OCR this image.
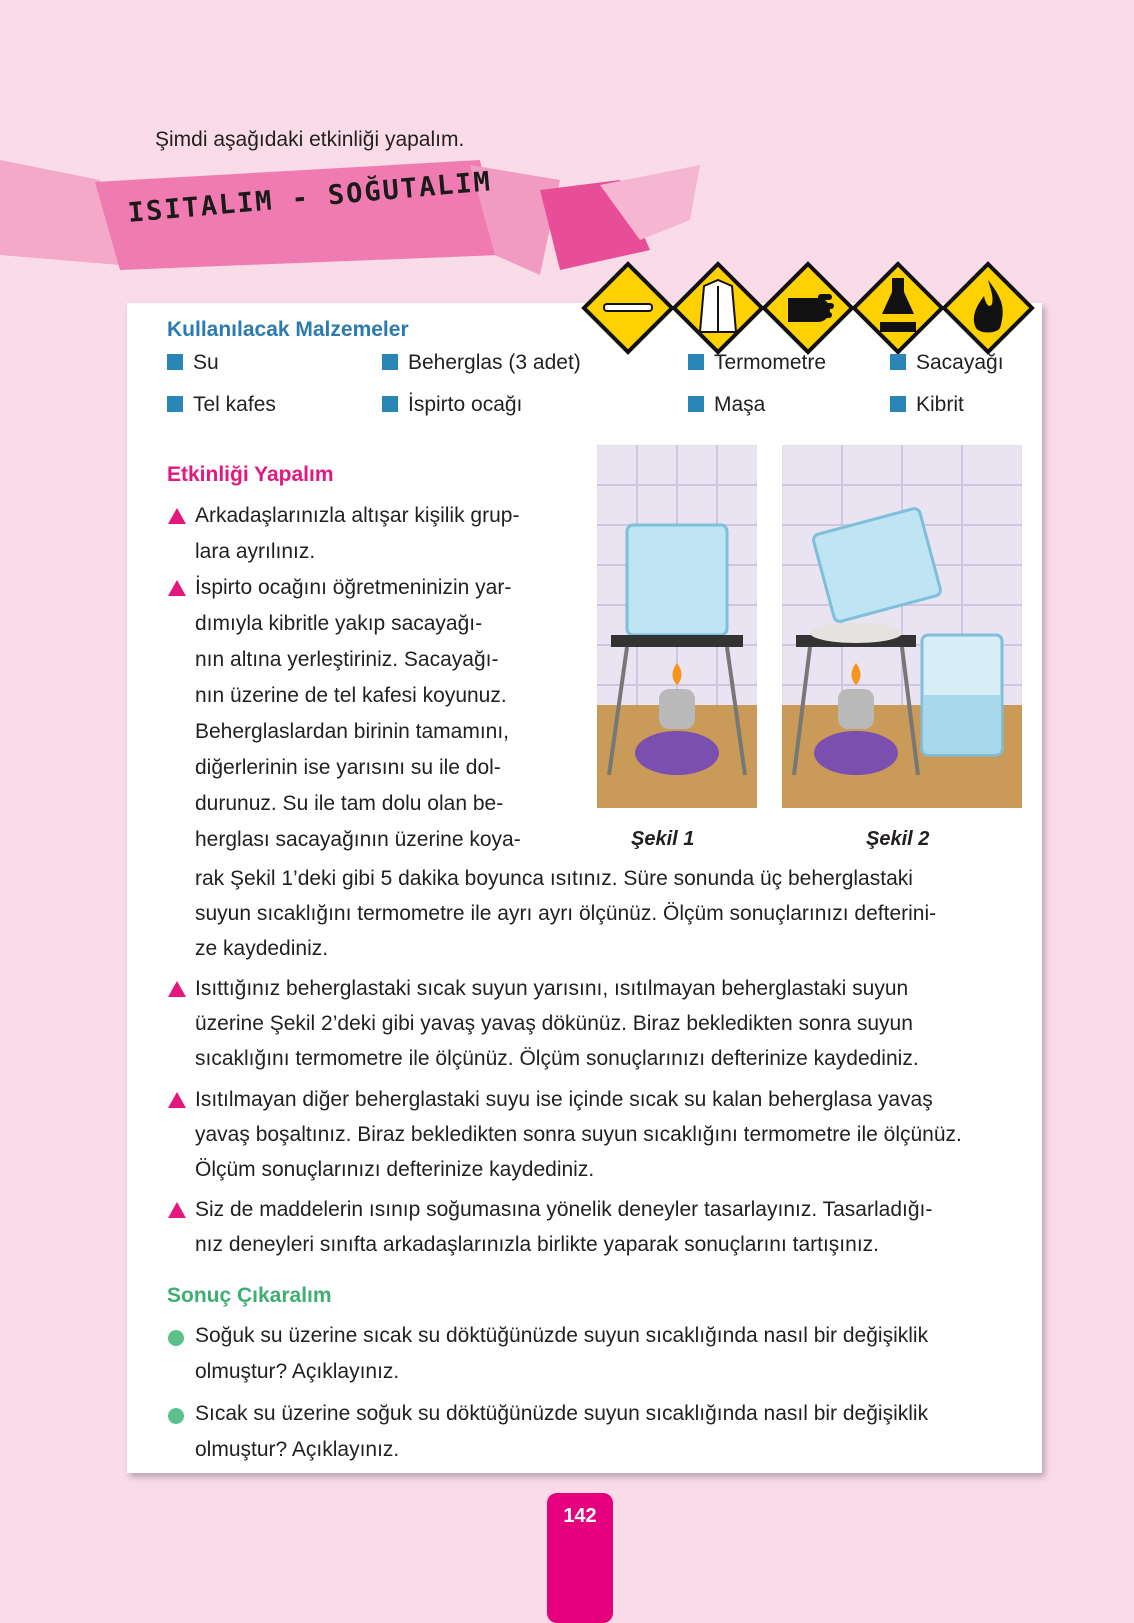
Şimdi aşağıdaki etkinliği yapalım.
ISITALIM - SOĞUTALIM
Kullanılacak Malzemeler
Su	Beherglas (3 adet)	Termometre	Sacayağı
Tel kafes	İspirto ocağı	Maşa	Kibrit
Etkinliği Yapalım
Şekil 1	Şekil 2
Arkadaşlarınızla altışar kişilik grup-
lara ayrılınız.
İspirto ocağını öğretmeninizin yar-
dımıyla kibritle yakıp sacayağı-
nın altına yerleştiriniz. Sacayağı-
nın üzerine de tel kafesi koyunuz.
Beherglaslardan birinin tamamını,
diğerlerinin ise yarısını su ile dol-
durunuz. Su ile tam dolu olan be-
herglası sacayağının üzerine koya-
rak Şekil 1’deki gibi 5 dakika boyunca ısıtınız. Süre sonunda üç beherglastaki
suyun sıcaklığını termometre ile ayrı ayrı ölçünüz. Ölçüm sonuçlarınızı defterini-
ze kaydediniz.
Isıttığınız beherglastaki sıcak suyun yarısını, ısıtılmayan beherglastaki suyun
üzerine Şekil 2’deki gibi yavaş yavaş dökünüz. Biraz bekledikten sonra suyun
sıcaklığını termometre ile ölçünüz. Ölçüm sonuçlarınızı defterinize kaydediniz.
Isıtılmayan diğer beherglastaki suyu ise içinde sıcak su kalan beherglasa yavaş
yavaş boşaltınız. Biraz bekledikten sonra suyun sıcaklığını termometre ile ölçünüz.
Ölçüm sonuçlarınızı defterinize kaydediniz.
Siz de maddelerin ısınıp soğumasına yönelik deneyler tasarlayınız. Tasarladığı-
nız deneyleri sınıfta arkadaşlarınızla birlikte yaparak sonuçlarını tartışınız.
Sonuç Çıkaralım
Soğuk su üzerine sıcak su döktüğünüzde suyun sıcaklığında nasıl bir değişiklik
olmuştur? Açıklayınız.
Sıcak su üzerine soğuk su döktüğünüzde suyun sıcaklığında nasıl bir değişiklik
olmuştur? Açıklayınız.
142
